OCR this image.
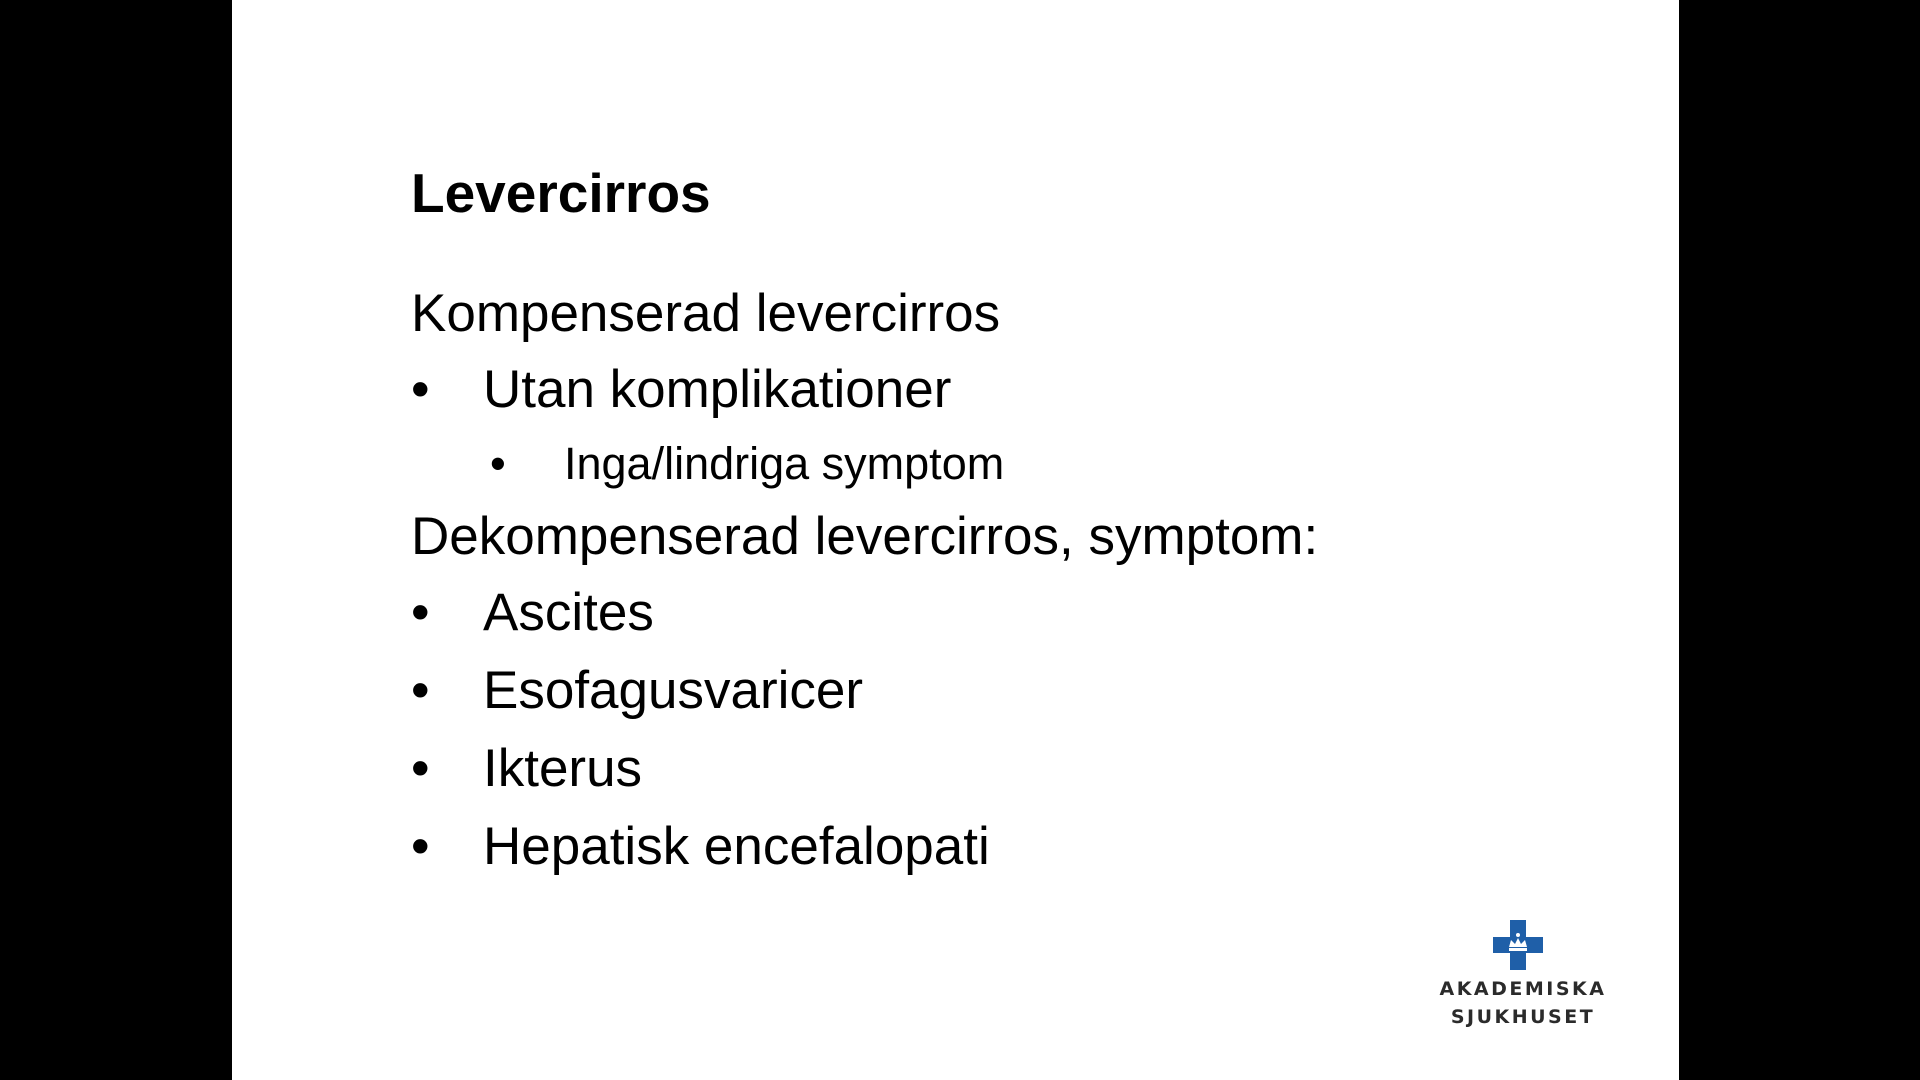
Levercirros
Kompenserad levercirros
• Utan komplikationer
• Inga/lindriga symptom
Dekompenserad levercirros, symptom:
• Ascites
• Esofagusvaricer
• Ikterus
• Hepatisk encefalopati
AKADEMISKA
SJUKHUSET
